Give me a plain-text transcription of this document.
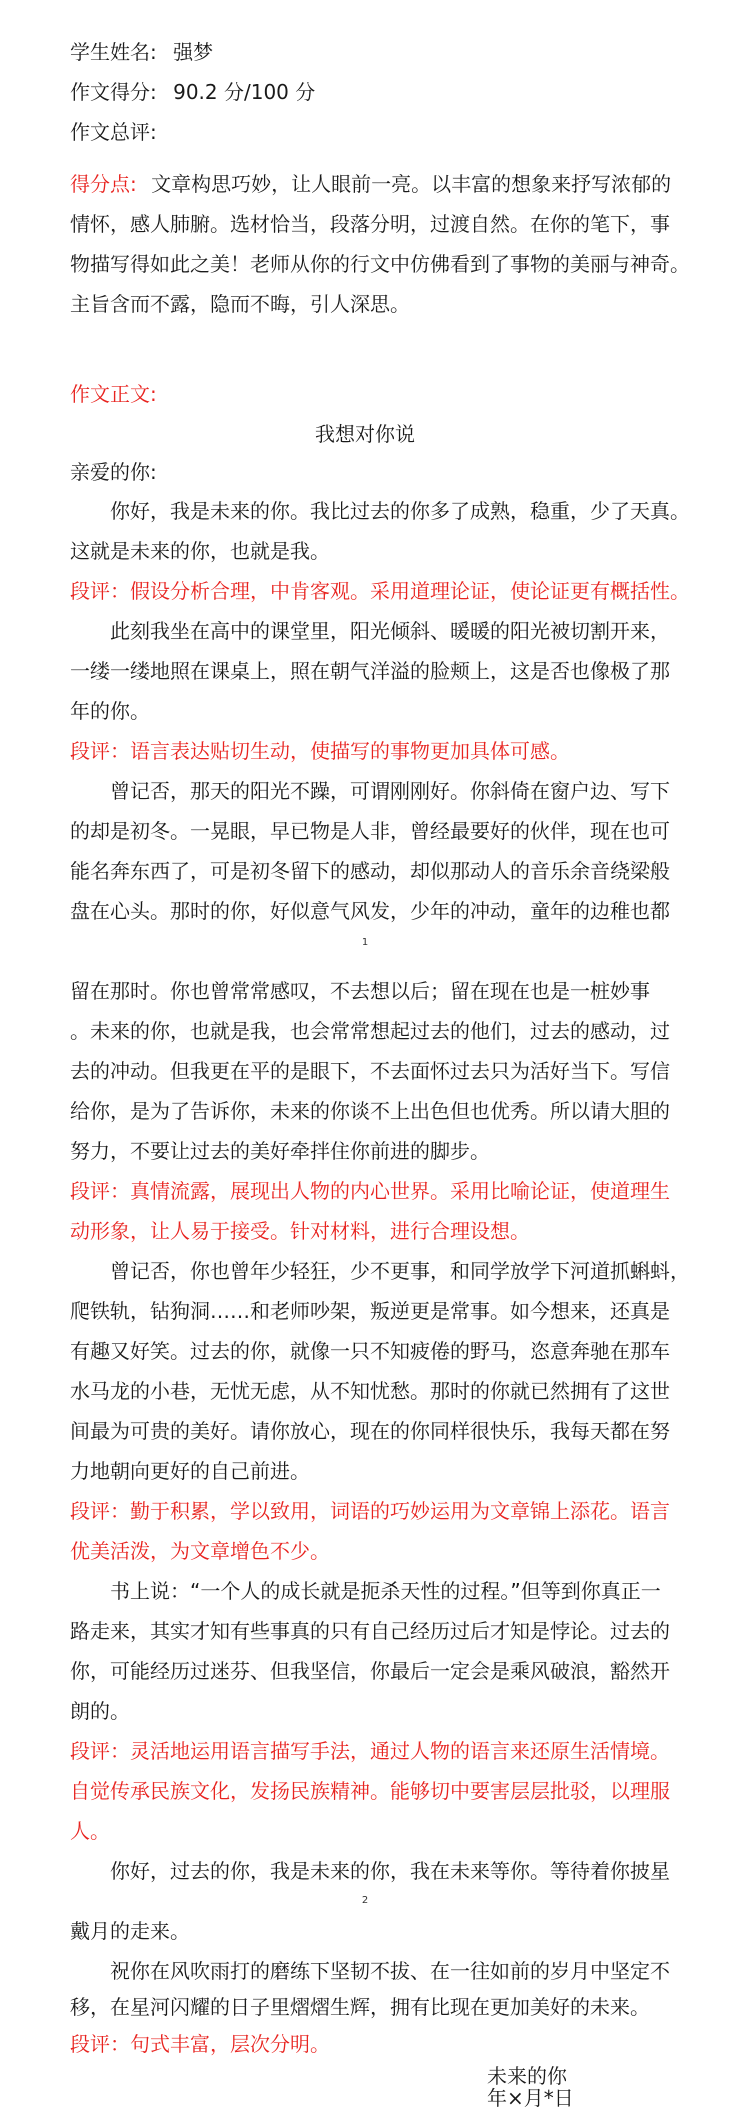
学生姓名: 强梦
作文得分: 90.2 分/100 分
作文总评:
得分点: 文章构思巧妙，让人眼前一亮。以丰富的想象来抒写浓郁的
情怀，感人肺腑。选材恰当，段落分明，过渡自然。在你的笔下，事
物描写得如此之美！老师从你的行文中仿佛看到了事物的美丽与神奇。
主旨含而不露，隐而不晦，引人深思。
作文正文:
我想对你说
亲爱的你:
你好，我是未来的你。我比过去的你多了成熟，稳重，少了天真。
这就是未来的你，也就是我。
段评：假设分析合理，中肯客观。采用道理论证，使论证更有概括性。
此刻我坐在高中的课堂里，阳光倾斜、暖暖的阳光被切割开来，
一缕一缕地照在课桌上，照在朝气洋溢的脸颊上，这是否也像极了那
年的你。
段评：语言表达贴切生动，使描写的事物更加具体可感。
曾记否，那天的阳光不躁，可谓刚刚好。你斜倚在窗户边、写下
的却是初冬。一晃眼，早已物是人非，曾经最要好的伙伴，现在也可
能名奔东西了，可是初冬留下的感动，却似那动人的音乐余音绕梁般
盘在心头。那时的你，好似意气风发，少年的冲动，童年的边稚也都
1
留在那时。你也曾常常感叹，不去想以后；留在现在也是一桩妙事
。未来的你，也就是我，也会常常想起过去的他们，过去的感动，过
去的冲动。但我更在平的是眼下，不去面怀过去只为活好当下。写信
给你，是为了告诉你，未来的你谈不上出色但也优秀。所以请大胆的
努力，不要让过去的美好牵拌住你前进的脚步。
段评：真情流露，展现出人物的内心世界。采用比喻论证，使道理生
动形象，让人易于接受。针对材料，进行合理设想。
曾记否，你也曾年少轻狂，少不更事，和同学放学下河道抓蝌蚪，
爬铁轨，钻狗洞……和老师吵架，叛逆更是常事。如今想来，还真是
有趣又好笑。过去的你，就像一只不知疲倦的野马，恣意奔驰在那车
水马龙的小巷，无忧无虑，从不知忧愁。那时的你就已然拥有了这世
间最为可贵的美好。请你放心，现在的你同样很快乐，我每天都在努
力地朝向更好的自己前进。
段评：勤于积累，学以致用，词语的巧妙运用为文章锦上添花。语言
优美活泼，为文章增色不少。
书上说：“一个人的成长就是扼杀天性的过程。”但等到你真正一
路走来，其实才知有些事真的只有自己经历过后才知是悖论。过去的
你，可能经历过迷芬、但我坚信，你最后一定会是乘风破浪，豁然开
朗的。
段评：灵活地运用语言描写手法，通过人物的语言来还原生活情境。
自觉传承民族文化，发扬民族精神。能够切中要害层层批驳，以理服
人。
你好，过去的你，我是未来的你，我在未来等你。等待着你披星
2
戴月的走来。
祝你在风吹雨打的磨练下坚韧不拔、在一往如前的岁月中坚定不
移，在星河闪耀的日子里熠熠生辉，拥有比现在更加美好的未来。
段评：句式丰富，层次分明。
未来的你
年×月*日
